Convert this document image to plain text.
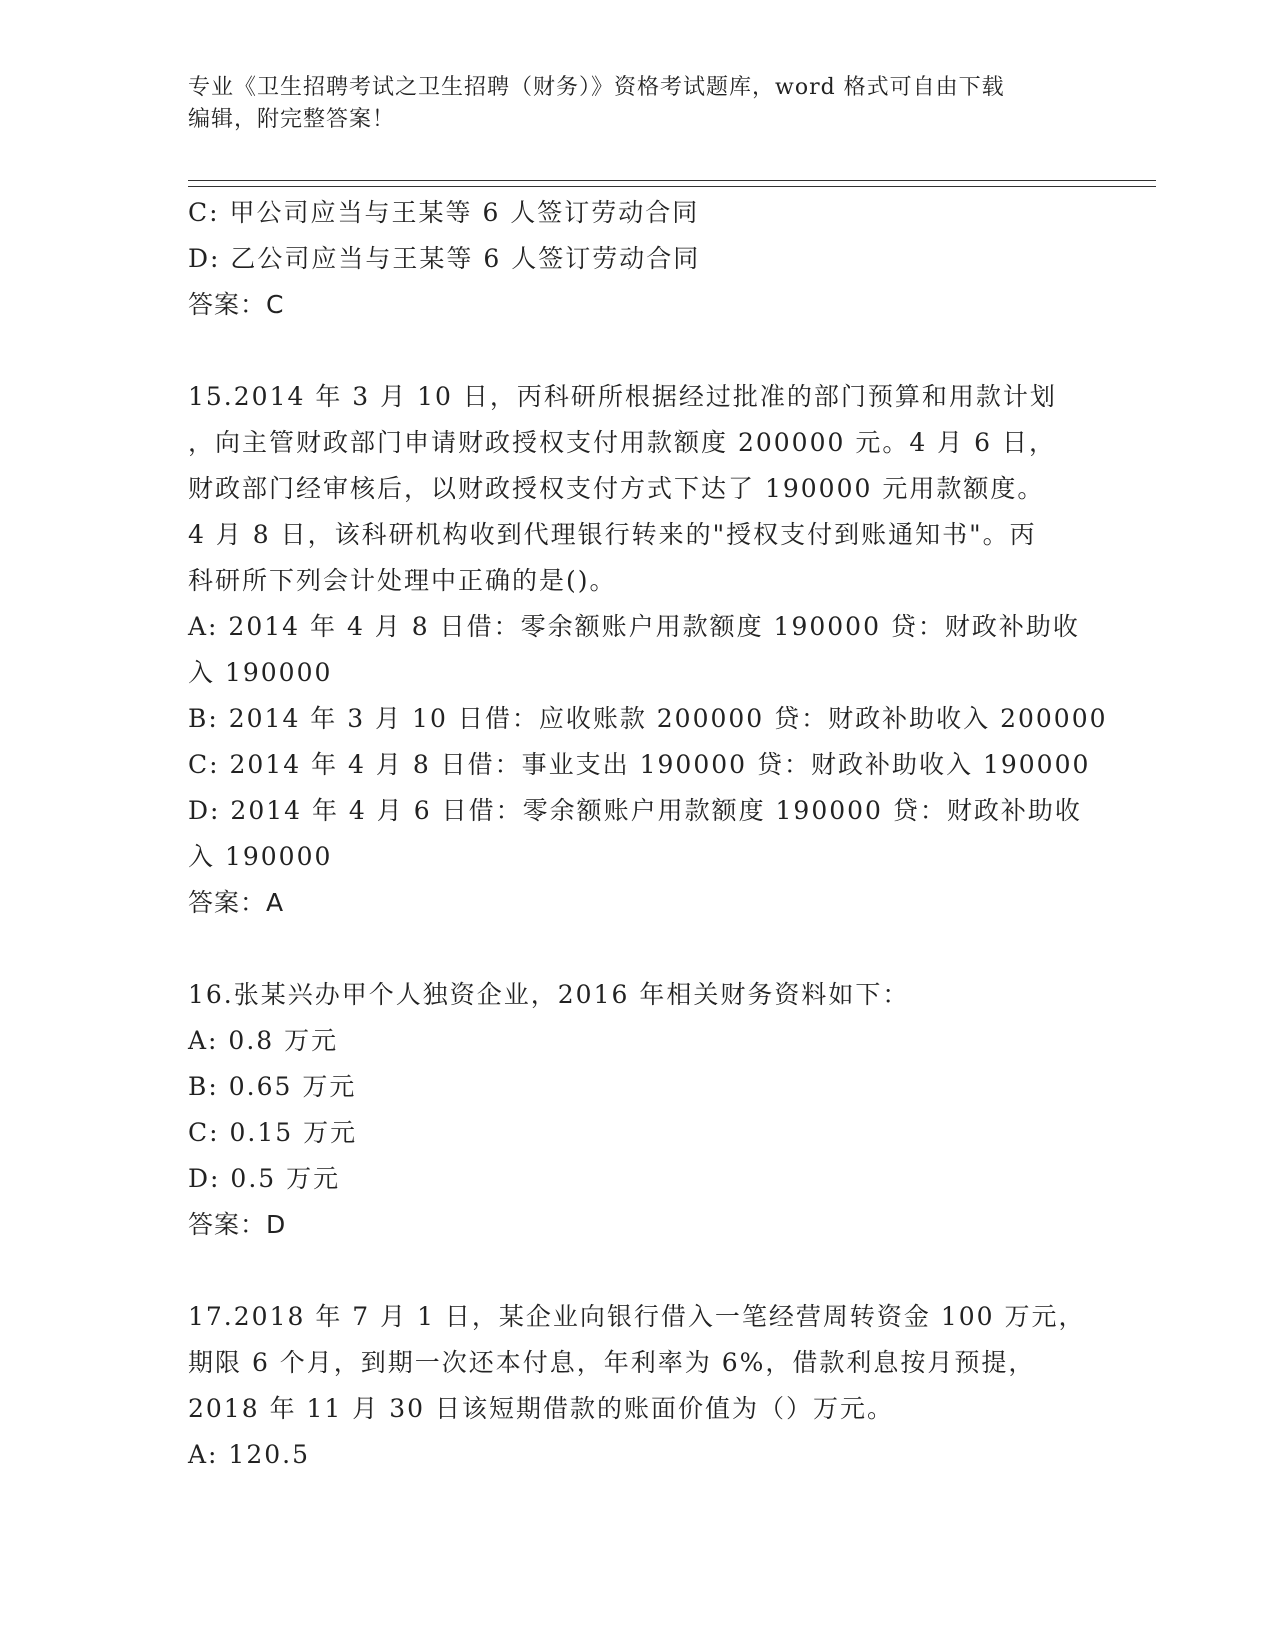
专业《卫生招聘考试之卫生招聘（财务）》资格考试题库，word 格式可自由下载
编辑，附完整答案！
C: 甲公司应当与王某等 6 人签订劳动合同
D: 乙公司应当与王某等 6 人签订劳动合同
答案：C
15.2014 年 3 月 10 日，丙科研所根据经过批准的部门预算和用款计划
，向主管财政部门申请财政授权支付用款额度 200000 元。4 月 6 日，
财政部门经审核后，以财政授权支付方式下达了 190000 元用款额度。
4 月 8 日，该科研机构收到代理银行转来的"授权支付到账通知书"。丙
科研所下列会计处理中正确的是()。
A: 2014 年 4 月 8 日借：零余额账户用款额度 190000 贷：财政补助收
入 190000
B: 2014 年 3 月 10 日借：应收账款 200000 贷：财政补助收入 200000
C: 2014 年 4 月 8 日借：事业支出 190000 贷：财政补助收入 190000
D: 2014 年 4 月 6 日借：零余额账户用款额度 190000 贷：财政补助收
入 190000
答案：A
16.张某兴办甲个人独资企业，2016 年相关财务资料如下：
A: 0.8 万元
B: 0.65 万元
C: 0.15 万元
D: 0.5 万元
答案：D
17.2018 年 7 月 1 日，某企业向银行借入一笔经营周转资金 100 万元，
期限 6 个月，到期一次还本付息，年利率为 6%，借款利息按月预提，
2018 年 11 月 30 日该短期借款的账面价值为（）万元。
A: 120.5
